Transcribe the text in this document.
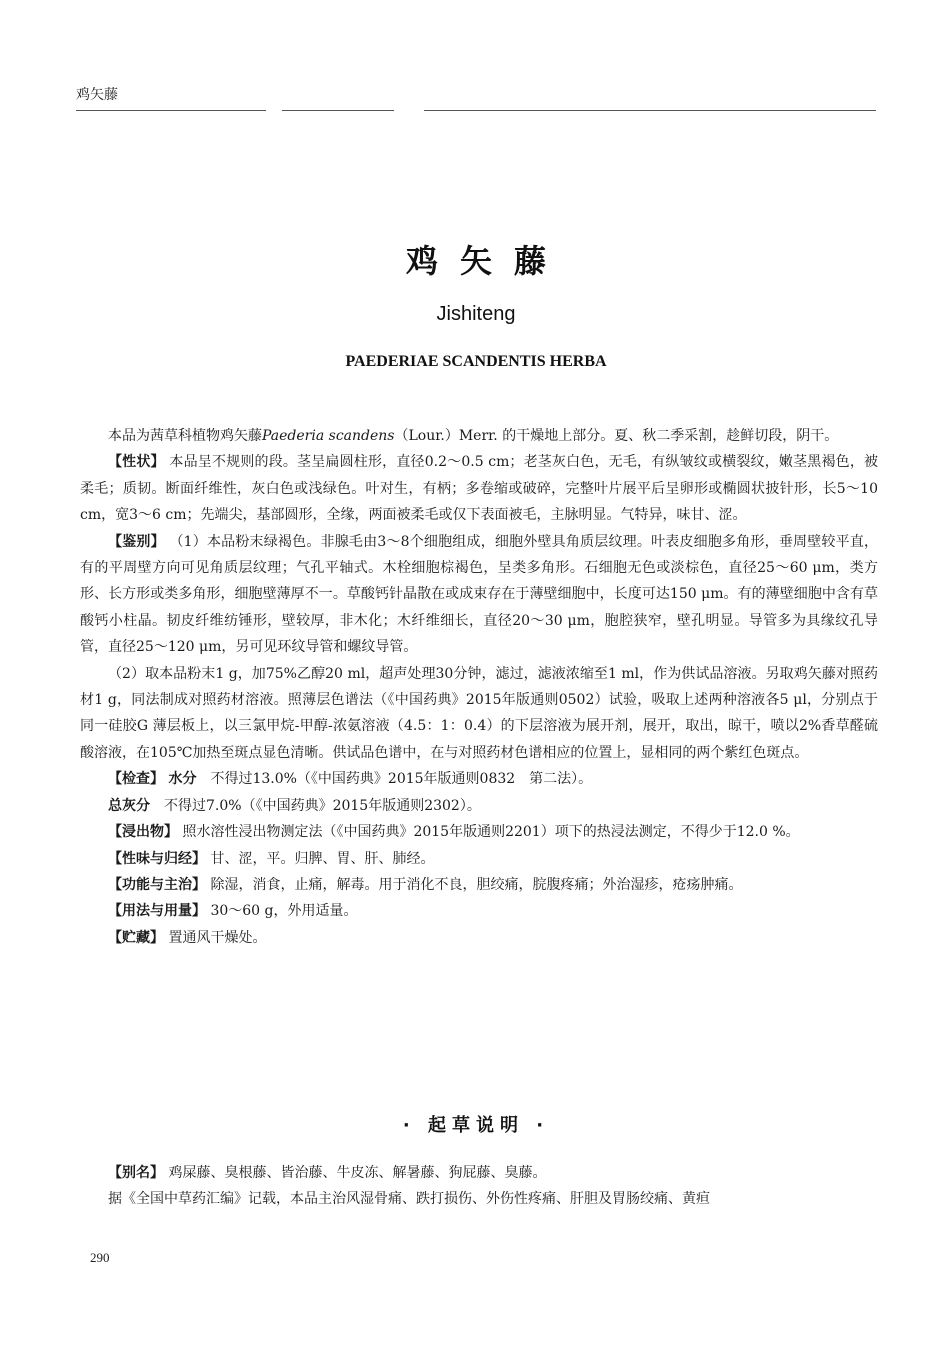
鸡矢藤
鸡矢藤
Jishiteng
PAEDERIAE SCANDENTIS HERBA

本品为茜草科植物鸡矢藤Paederia scandens（Lour.）Merr. 的干燥地上部分。夏、秋二季采割，趁鲜切段，阴干。

【性状】 本品呈不规则的段。茎呈扁圆柱形，直径0.2～0.5 cm；老茎灰白色，无毛，有纵皱纹或横裂纹，嫩茎黑褐色，被柔毛；质韧。断面纤维性，灰白色或浅绿色。叶对生，有柄；多卷缩或破碎，完整叶片展平后呈卵形或椭圆状披针形，长5～10 cm，宽3～6 cm；先端尖，基部圆形，全缘，两面被柔毛或仅下表面被毛，主脉明显。气特异，味甘、涩。

【鉴别】 （1）本品粉末绿褐色。非腺毛由3～8个细胞组成，细胞外壁具角质层纹理。叶表皮细胞多角形，垂周壁较平直，有的平周壁方向可见角质层纹理；气孔平轴式。木栓细胞棕褐色，呈类多角形。石细胞无色或淡棕色，直径25～60 μm，类方形、长方形或类多角形，细胞壁薄厚不一。草酸钙针晶散在或成束存在于薄壁细胞中，长度可达150 μm。有的薄壁细胞中含有草酸钙小柱晶。韧皮纤维纺锤形，壁较厚，非木化；木纤维细长，直径20～30 μm，胞腔狭窄，壁孔明显。导管多为具缘纹孔导管，直径25～120 μm，另可见环纹导管和螺纹导管。

（2）取本品粉末1 g，加75%乙醇20 ml，超声处理30分钟，滤过，滤液浓缩至1 ml，作为供试品溶液。另取鸡矢藤对照药材1 g，同法制成对照药材溶液。照薄层色谱法（《中国药典》2015年版通则0502）试验，吸取上述两种溶液各5 μl，分别点于同一硅胶G 薄层板上，以三氯甲烷-甲醇-浓氨溶液（4.5：1：0.4）的下层溶液为展开剂，展开，取出，晾干，喷以2%香草醛硫酸溶液，在105℃加热至斑点显色清晰。供试品色谱中，在与对照药材色谱相应的位置上，显相同的两个紫红色斑点。

【检查】 水分　 不得过13.0%（《中国药典》2015年版通则0832　第二法）。

总灰分　 不得过7.0%（《中国药典》2015年版通则2302）。

【浸出物】 照水溶性浸出物测定法（《中国药典》2015年版通则2201）项下的热浸法测定，不得少于12.0 %。

【性味与归经】 甘、涩，平。归脾、胃、肝、肺经。

【功能与主治】 除湿，消食，止痛，解毒。用于消化不良，胆绞痛，脘腹疼痛；外治湿疹，疮疡肿痛。

【用法与用量】 30～60 g，外用适量。

【贮藏】 置通风干燥处。

· 起草说明 ·

【别名】 鸡屎藤、臭根藤、皆治藤、牛皮冻、解暑藤、狗屁藤、臭藤。

据《全国中草药汇编》记载，本品主治风湿骨痛、跌打损伤、外伤性疼痛、肝胆及胃肠绞痛、黄疸

290
